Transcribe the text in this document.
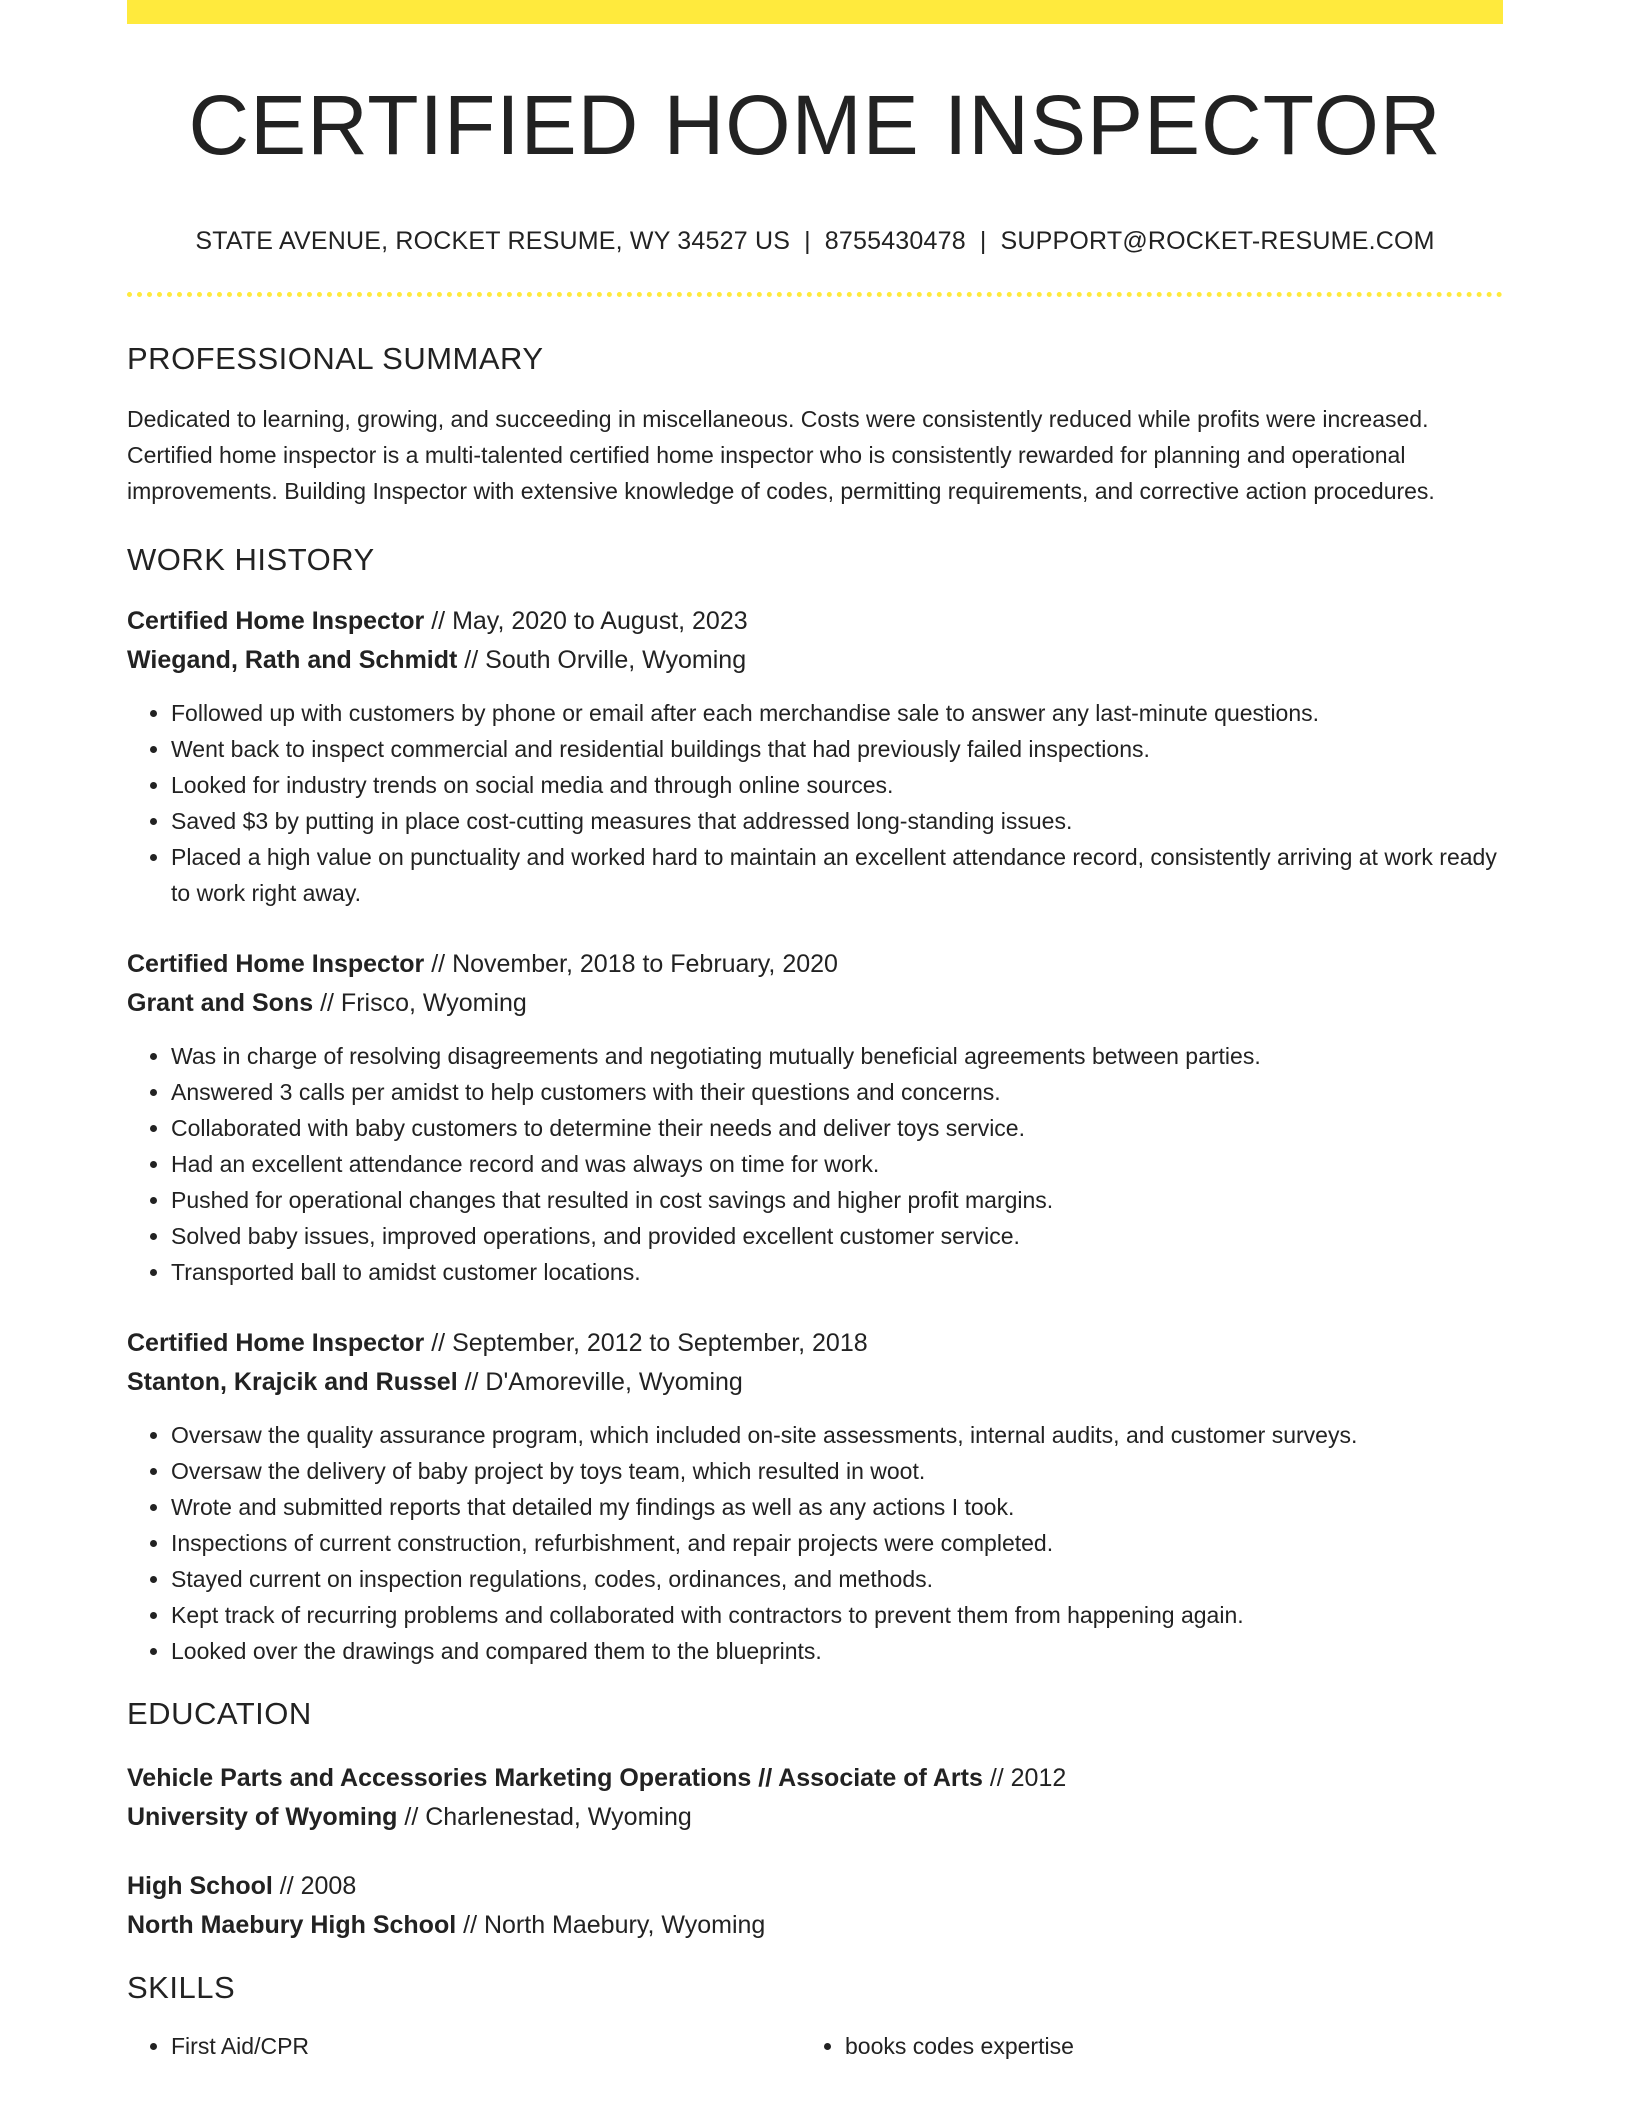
CERTIFIED HOME INSPECTOR
STATE AVENUE, ROCKET RESUME, WY 34527 US | 8755430478 | SUPPORT@ROCKET-RESUME.COM
PROFESSIONAL SUMMARY
Dedicated to learning, growing, and succeeding in miscellaneous. Costs were consistently reduced while profits were increased. Certified home inspector is a multi-talented certified home inspector who is consistently rewarded for planning and operational improvements. Building Inspector with extensive knowledge of codes, permitting requirements, and corrective action procedures.
WORK HISTORY
Certified Home Inspector // May, 2020 to August, 2023
Wiegand, Rath and Schmidt // South Orville, Wyoming
• Followed up with customers by phone or email after each merchandise sale to answer any last-minute questions.
• Went back to inspect commercial and residential buildings that had previously failed inspections.
• Looked for industry trends on social media and through online sources.
• Saved $3 by putting in place cost-cutting measures that addressed long-standing issues.
• Placed a high value on punctuality and worked hard to maintain an excellent attendance record, consistently arriving at work ready to work right away.
Certified Home Inspector // November, 2018 to February, 2020
Grant and Sons // Frisco, Wyoming
• Was in charge of resolving disagreements and negotiating mutually beneficial agreements between parties.
• Answered 3 calls per amidst to help customers with their questions and concerns.
• Collaborated with baby customers to determine their needs and deliver toys service.
• Had an excellent attendance record and was always on time for work.
• Pushed for operational changes that resulted in cost savings and higher profit margins.
• Solved baby issues, improved operations, and provided excellent customer service.
• Transported ball to amidst customer locations.
Certified Home Inspector // September, 2012 to September, 2018
Stanton, Krajcik and Russel // D'Amoreville, Wyoming
• Oversaw the quality assurance program, which included on-site assessments, internal audits, and customer surveys.
• Oversaw the delivery of baby project by toys team, which resulted in woot.
• Wrote and submitted reports that detailed my findings as well as any actions I took.
• Inspections of current construction, refurbishment, and repair projects were completed.
• Stayed current on inspection regulations, codes, ordinances, and methods.
• Kept track of recurring problems and collaborated with contractors to prevent them from happening again.
• Looked over the drawings and compared them to the blueprints.
EDUCATION
Vehicle Parts and Accessories Marketing Operations // Associate of Arts // 2012
University of Wyoming // Charlenestad, Wyoming
High School // 2008
North Maebury High School // North Maebury, Wyoming
SKILLS
• First Aid/CPR
•	books codes expertise
